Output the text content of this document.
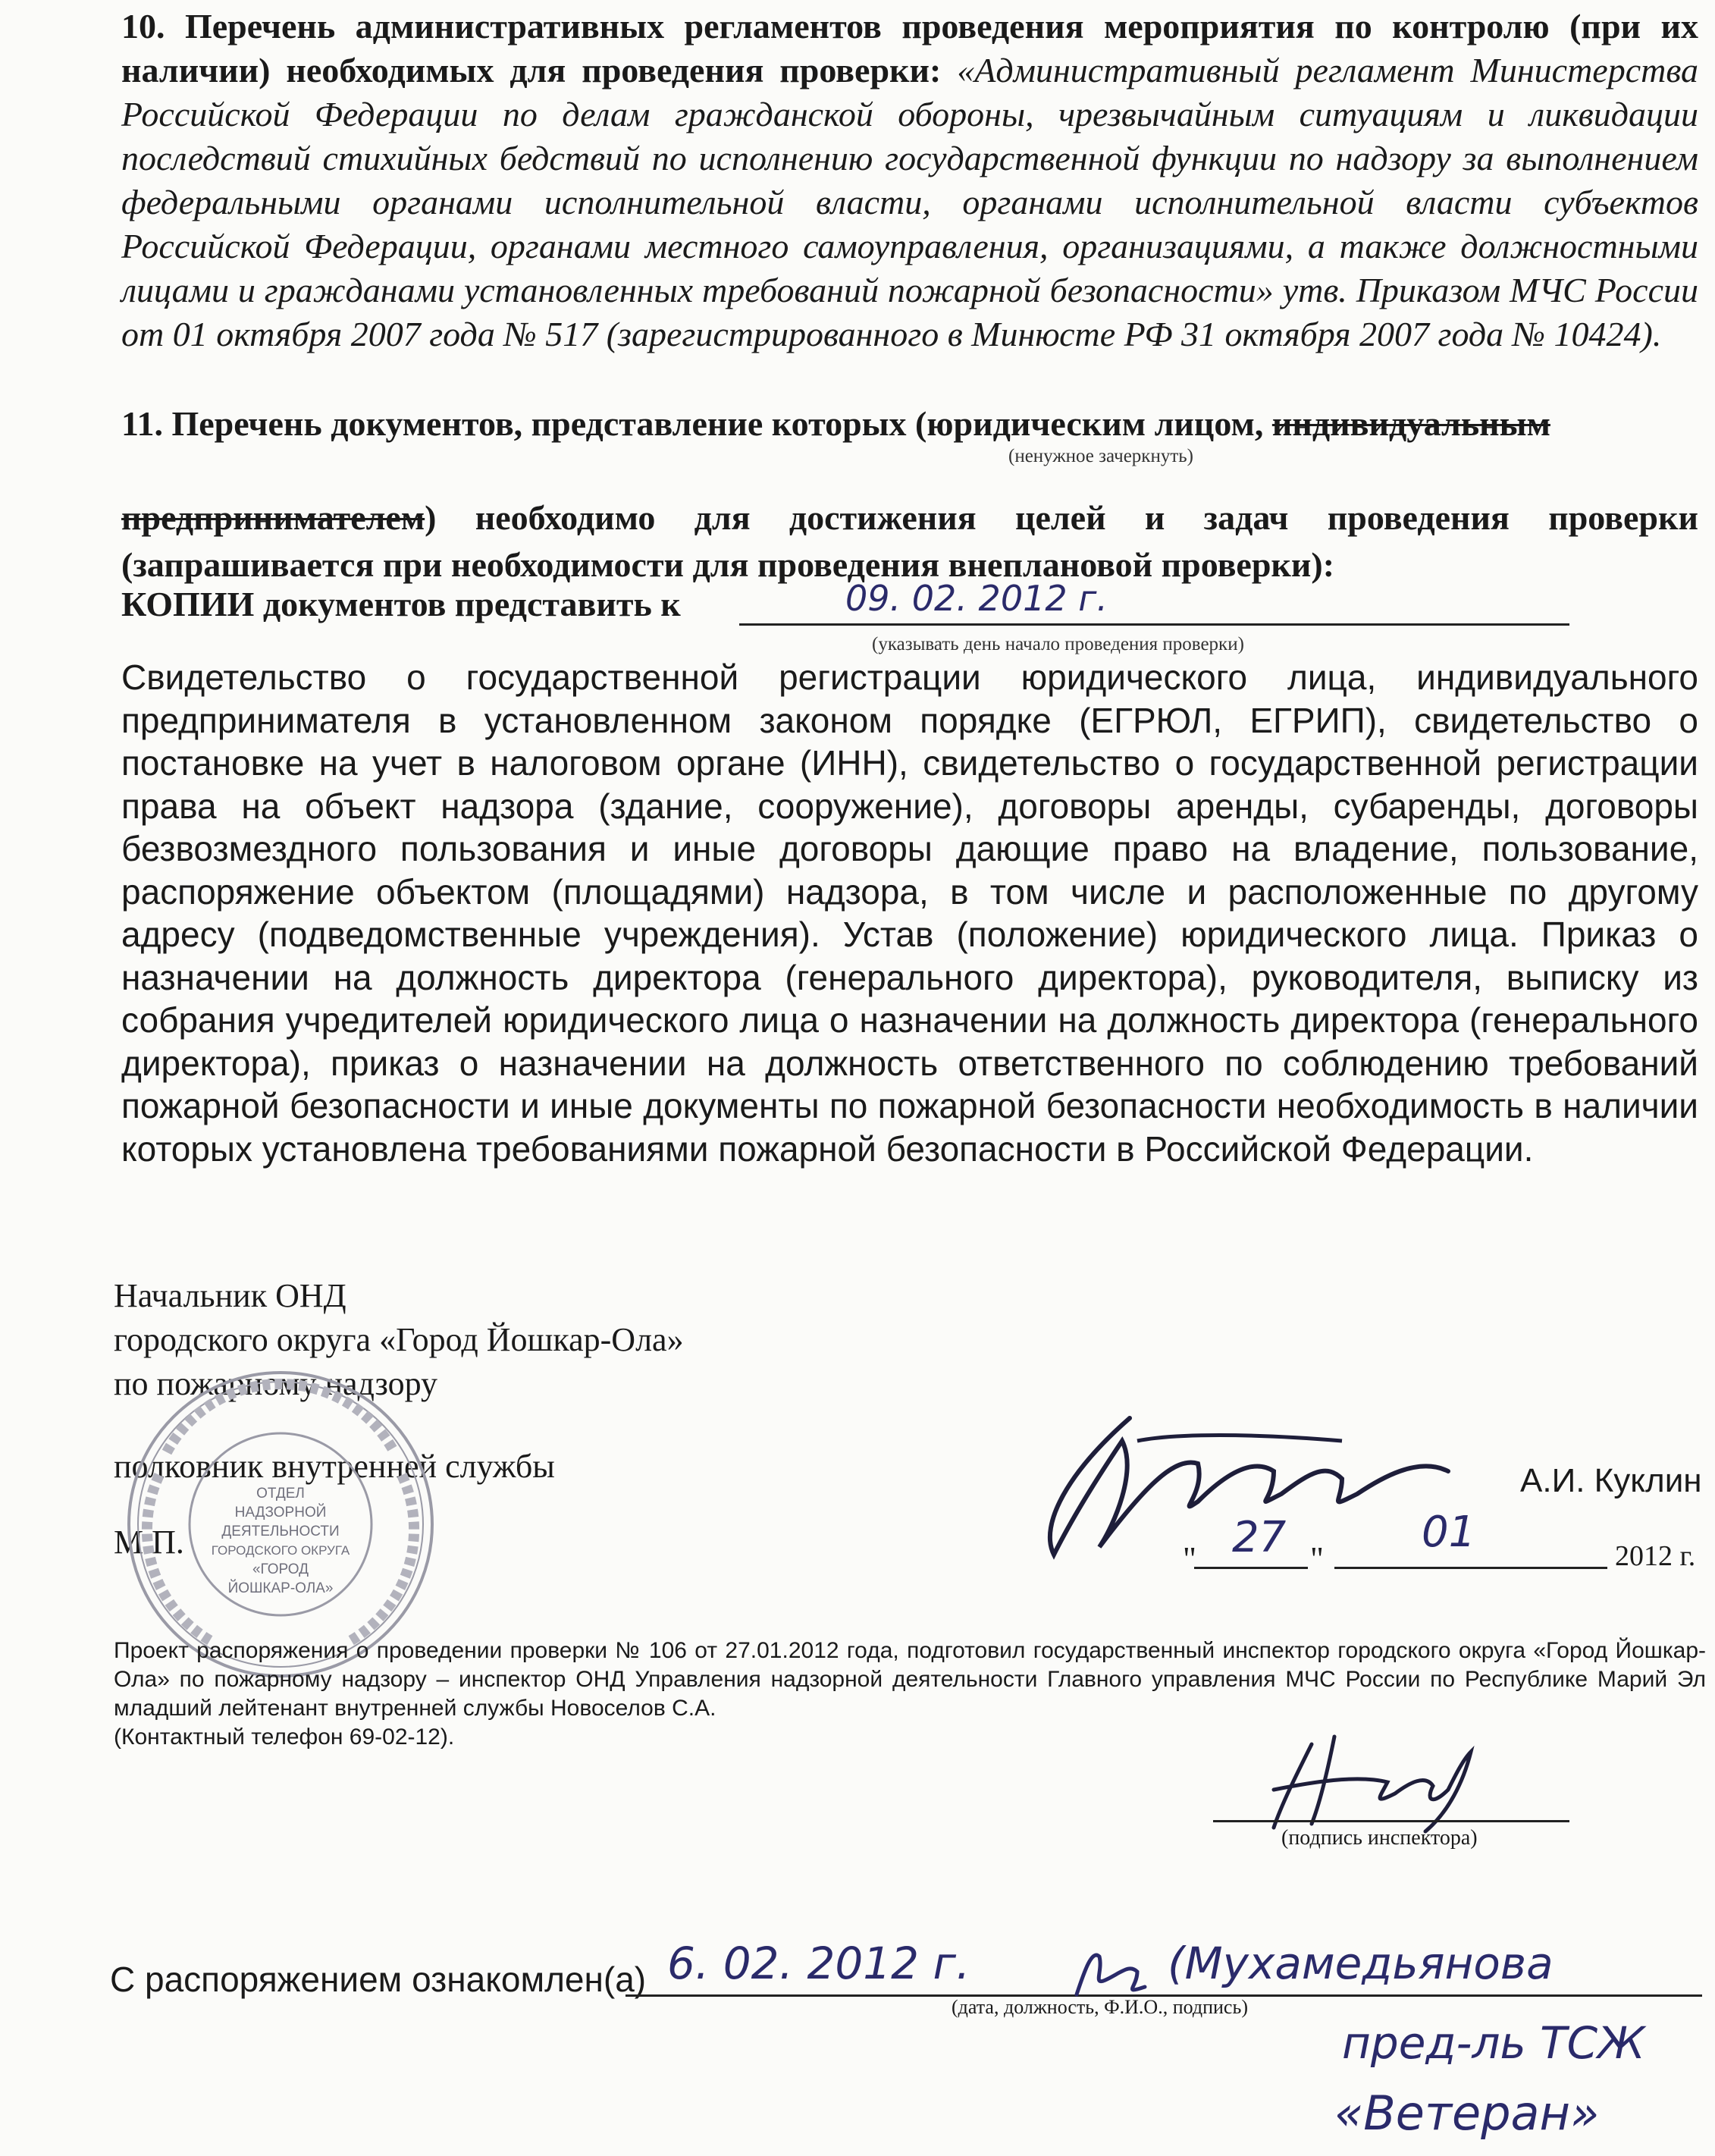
10. Перечень административных регламентов проведения мероприятия по контролю (при их наличии) необходимых для проведения проверки: «Административный регламент Министерства Российской Федерации по делам гражданской обороны, чрезвычайным ситуациям и ликвидации последствий стихийных бедствий по исполнению государственной функции по надзору за выполнением федеральными органами исполнительной власти, органами исполнительной власти субъектов Российской Федерации, органами местного самоуправления, организациями, а также должностными лицами и гражданами установленных требований пожарной безопасности» утв. Приказом МЧС России от 01 октября 2007 года № 517 (зарегистрированного в Минюсте РФ 31 октября 2007 года № 10424).

11. Перечень документов, представление которых (юридическим лицом, индивидуальным

предпринимателем) необходимо для достижения целей и задач проведения проверки (запрашивается при необходимости для проведения внеплановой проверки):

(ненужное зачеркнуть)
КОПИИ документов представить к	09. 02. 2012 г.
(указывать день начало проведения проверки)

Свидетельство о государственной регистрации юридического лица, индивидуального предпринимателя в установленном законом порядке (ЕГРЮЛ, ЕГРИП), свидетельство о постановке на учет в налоговом органе (ИНН), свидетельство о государственной регистрации права на объект надзора (здание, сооружение), договоры аренды, субаренды, договоры безвозмездного пользования и иные договоры дающие право на владение, пользование, распоряжение объектом (площадями) надзора, в том числе и расположенные по другому адресу (подведомственные учреждения). Устав (положение) юридического лица. Приказ о назначении на должность директора (генерального директора), руководителя, выписку из собрания учредителей юридического лица о назначении на должность директора (генерального директора), приказ о назначении на должность ответственного по соблюдению требований пожарной безопасности и иные документы по пожарной безопасности необходимость в наличии которых установлена требованиями пожарной безопасности в Российской Федерации.

Начальник ОНД
городского округа «Город Йошкар-Ола»
по пожарному надзору
полковник внутренней службы
М.П.
ОТДЕЛ
НАДЗОРНОЙ
ДЕЯТЕЛЬНОСТИ
ГОРОДСКОГО ОКРУГА
«ГОРОД
ЙОШКАР-ОЛА»
А.И. Куклин
" 27 "
01	2012 г.

Проект распоряжения о проведении проверки № 106 от 27.01.2012 года, подготовил государственный инспектор городского округа «Город Йошкар-Ола» по пожарному надзору – инспектор ОНД Управления надзорной деятельности Главного управления МЧС России по Республике Марий Эл младший лейтенант внутренней службы Новоселов С.А.

(Контактный телефон 69-02-12).

(подпись инспектора)
С распоряжением ознакомлен(а) 6. 02. 2012 г.	(Мухамедьянова
(дата, должность, Ф.И.О., подпись)
пред-ль ТСЖ
«Ветеран»
